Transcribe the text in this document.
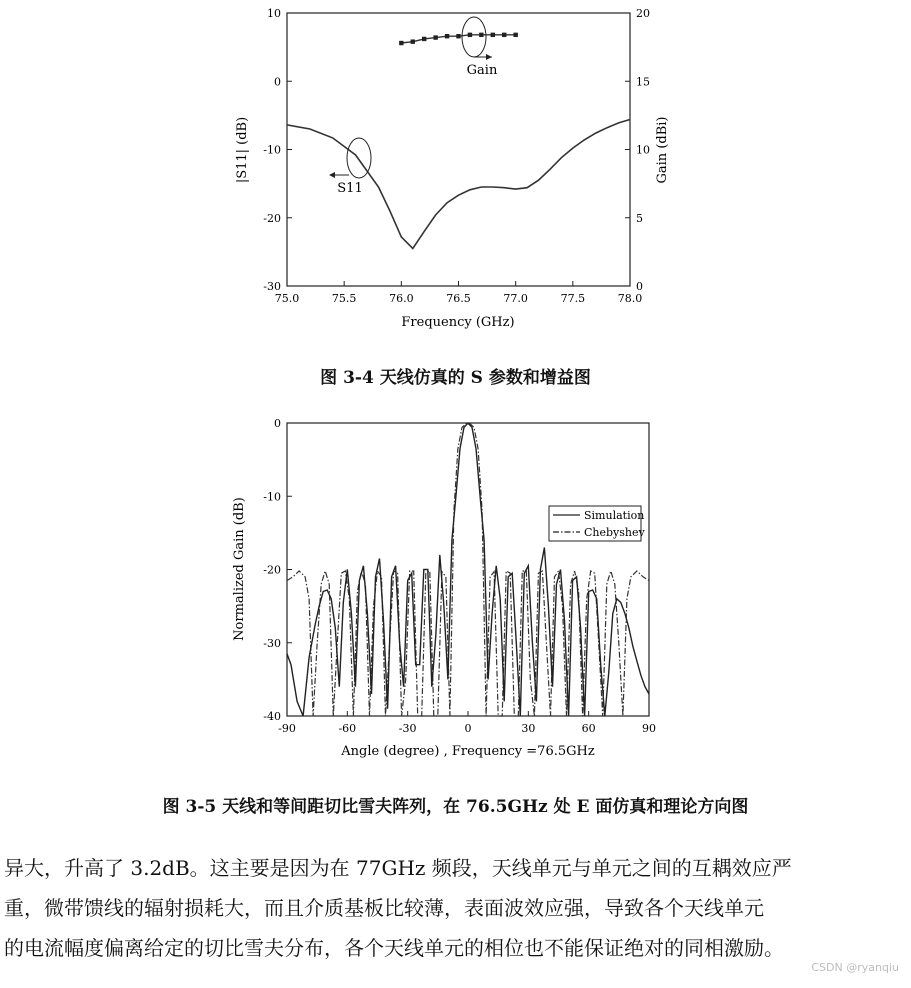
75.0	75.5	76.0	76.5	77.0	77.5	78.0
10
0
-10
-20
-30
20
15
10
5
0
Gain
S11
Frequency (GHz)
|S11| (dB)	Gain (dBi)
-90	-60	-30	0	30	60	90
0
-10
-20
-30
-40
Simulation
Chebyshev
Angle (degree) , Frequency =76.5GHz
Normalized Gain (dB)
图 3-4 天线仿真的 S 参数和增益图
图 3-5 天线和等间距切比雪夫阵列，在 76.5GHz 处 E 面仿真和理论方向图

异大，升高了 3.2dB。这主要是因为在 77GHz 频段，天线单元与单元之间的互耦效应严

重，微带馈线的辐射损耗大，而且介质基板比较薄，表面波效应强，导致各个天线单元

的电流幅度偏离给定的切比雪夫分布，各个天线单元的相位也不能保证绝对的同相激励。

CSDN @ryanqiu
